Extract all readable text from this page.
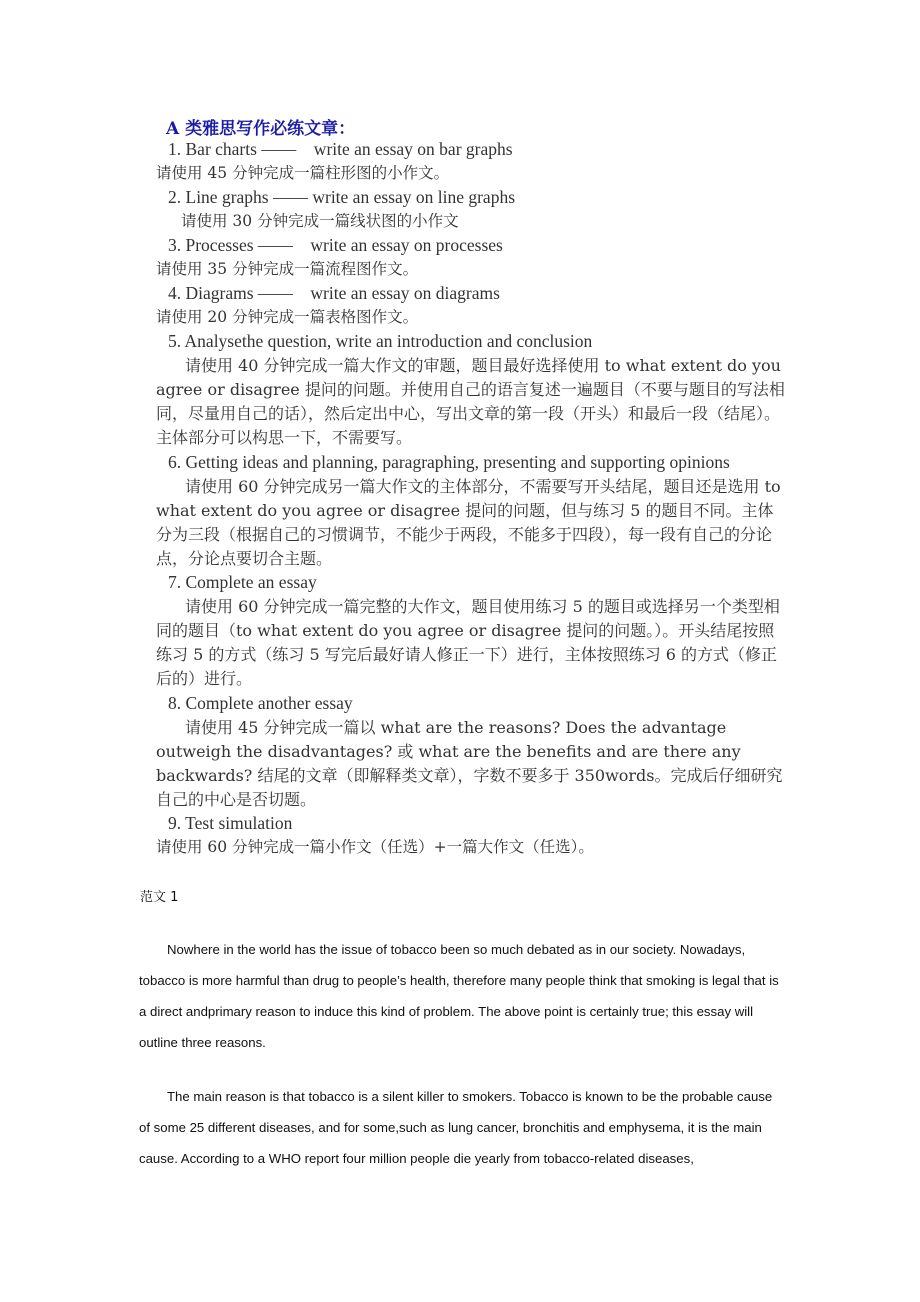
A 类雅思写作必练文章：
1. Bar charts ——　write an essay on bar graphs
请使用 45 分钟完成一篇柱形图的小作文。
2. Line graphs —— write an essay on line graphs
请使用 30 分钟完成一篇线状图的小作文
3. Processes ——　write an essay on processes
请使用 35 分钟完成一篇流程图作文。
4. Diagrams ——　write an essay on diagrams
请使用 20 分钟完成一篇表格图作文。
5. Analysethe question, write an introduction and conclusion
请使用 40 分钟完成一篇大作文的审题，题目最好选择使用 to what extent do you agree or disagree 提问的问题。并使用自己的语言复述一遍题目（不要与题目的写法相同，尽量用自己的话），然后定出中心，写出文章的第一段（开头）和最后一段（结尾）。主体部分可以构思一下，不需要写。
6. Getting ideas and planning, paragraphing, presenting and supporting opinions
请使用 60 分钟完成另一篇大作文的主体部分，不需要写开头结尾，题目还是选用 to what extent do you agree or disagree 提问的问题，但与练习 5 的题目不同。主体分为三段（根据自己的习惯调节，不能少于两段，不能多于四段），每一段有自己的分论点，分论点要切合主题。
7. Complete an essay
请使用 60 分钟完成一篇完整的大作文，题目使用练习 5 的题目或选择另一个类型相同的题目（to what extent do you agree or disagree 提问的问题。）。开头结尾按照练习 5 的方式（练习 5 写完后最好请人修正一下）进行，主体按照练习 6 的方式（修正后的）进行。
8. Complete another essay
请使用 45 分钟完成一篇以 what are the reasons? Does the advantage outweigh the disadvantages? 或 what are the benefits and are there any backwards? 结尾的文章（即解释类文章），字数不要多于 350words。完成后仔细研究自己的中心是否切题。
9. Test simulation
请使用 60 分钟完成一篇小作文（任选）+一篇大作文（任选）。
范文 1
Nowhere in the world has the issue of tobacco been so much debated as in our society. Nowadays, tobacco is more harmful than drug to people’s health, therefore many people think that smoking is legal that is a direct andprimary reason to induce this kind of problem. The above point is certainly true; this essay will outline three reasons.
The main reason is that tobacco is a silent killer to smokers. Tobacco is known to be the probable cause of some 25 different diseases, and for some,such as lung cancer, bronchitis and emphysema, it is the main cause. According to a WHO report four million people die yearly from tobacco-related diseases,
